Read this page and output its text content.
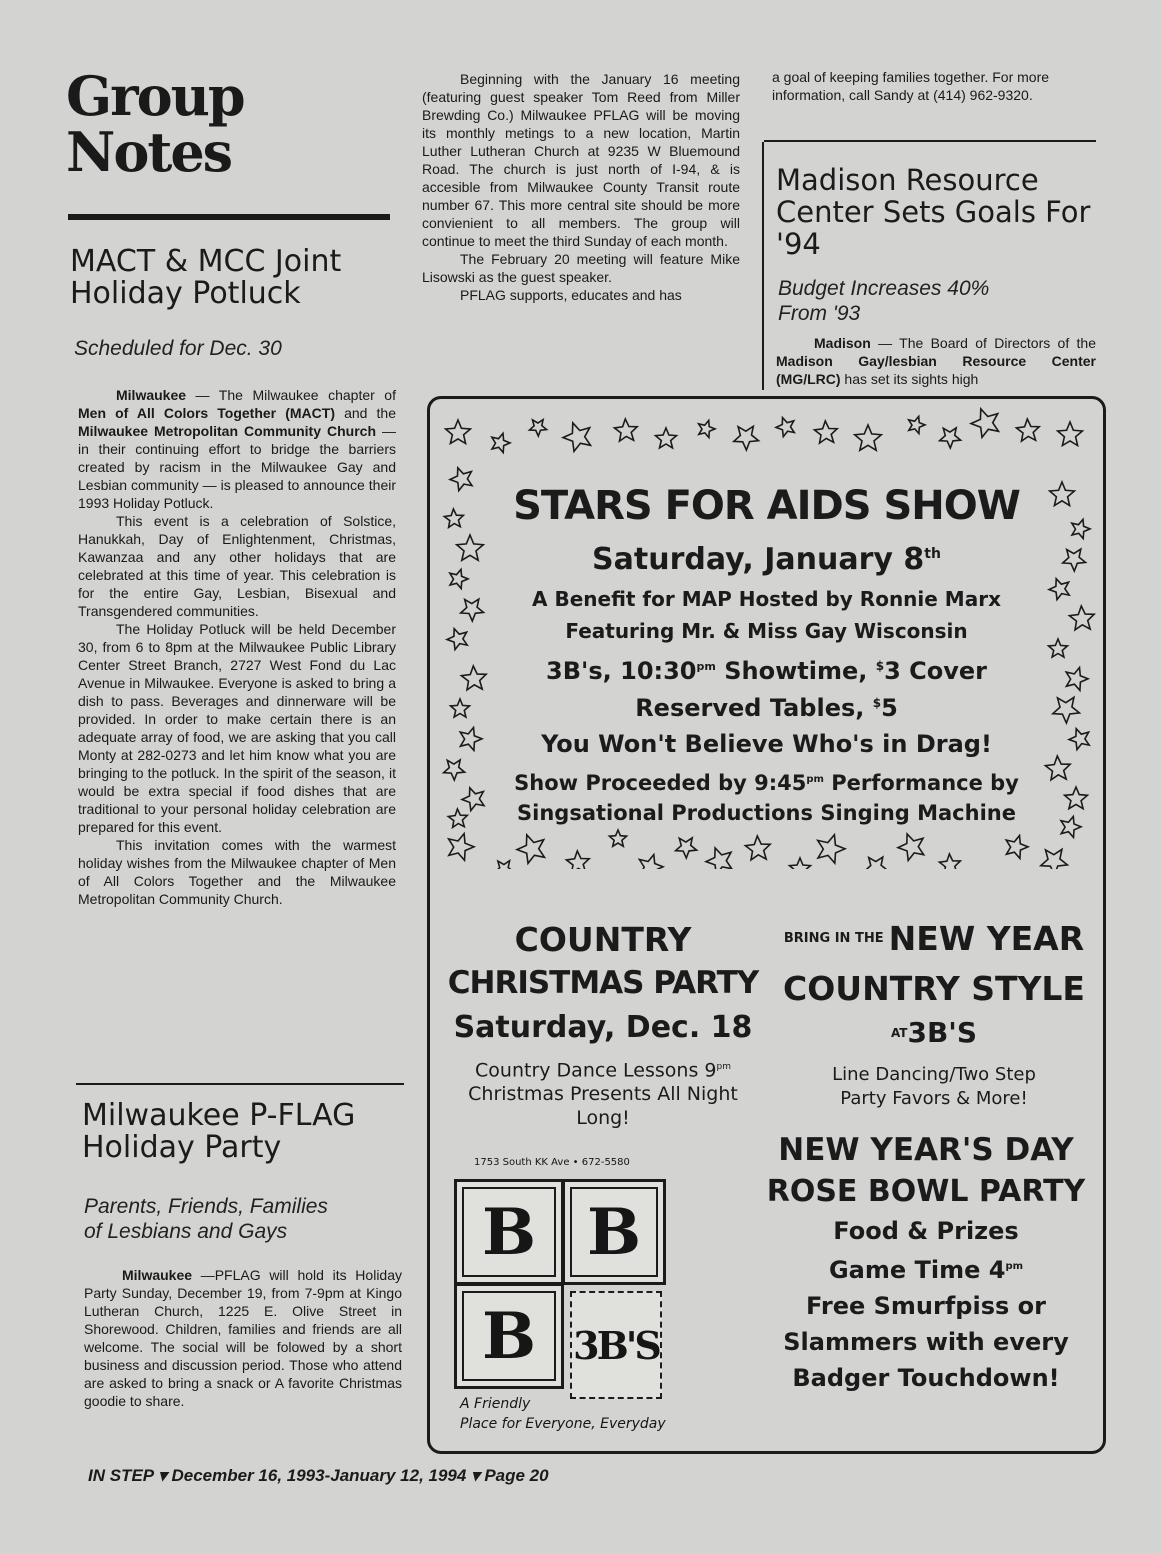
Group
Notes
MACT & MCC Joint
Holiday Potluck
Scheduled for Dec. 30

Milwaukee — The Milwaukee chapter of Men of All Colors Together (MACT) and the Milwaukee Metropolitan Community Church — in their continuing effort to bridge the barriers created by racism in the Milwaukee Gay and Lesbian community — is pleased to announce their 1993 Holiday Potluck.

This event is a celebration of Solstice, Hanukkah, Day of Enlightenment, Christmas, Kawanzaa and any other holidays that are celebrated at this time of year. This celebration is for the entire Gay, Lesbian, Bisexual and Transgendered communities.

The Holiday Potluck will be held December 30, from 6 to 8pm at the Milwaukee Public Library Center Street Branch, 2727 West Fond du Lac Avenue in Milwaukee. Everyone is asked to bring a dish to pass. Beverages and dinnerware will be provided. In order to make certain there is an adequate array of food, we are asking that you call Monty at 282-0273 and let him know what you are bringing to the potluck. In the spirit of the season, it would be extra special if food dishes that are traditional to your personal holiday celebration are prepared for this event.

This invitation comes with the warmest holiday wishes from the Milwaukee chapter of Men of All Colors Together and the Milwaukee Metropolitan Community Church.

Milwaukee P-FLAG
Holiday Party
Parents, Friends, Families
of Lesbians and Gays

Milwaukee —PFLAG will hold its Holiday Party Sunday, December 19, from 7-9pm at Kingo Lutheran Church, 1225 E. Olive Street in Shorewood. Children, families and friends are all welcome. The social will be folowed by a short business and discussion period. Those who attend are asked to bring a snack or A favorite Christmas goodie to share.

Beginning with the January 16 meeting (featuring guest speaker Tom Reed from Miller Brewding Co.) Milwaukee PFLAG will be moving its monthly metings to a new location, Martin Luther Lutheran Church at 9235 W Bluemound Road. The church is just north of I-94, & is accesible from Milwaukee County Transit route number 67. This more central site should be more convienient to all members. The group will continue to meet the third Sunday of each month.

The February 20 meeting will feature Mike Lisowski as the guest speaker.

PFLAG supports, educates and has

a goal of keeping families together. For more information, call Sandy at (414) 962-9320.
Madison Resource
Center Sets Goals For
'94
Budget Increases 40%
From '93

Madison — The Board of Directors of the Madison Gay/lesbian Resource Center (MG/LRC) has set its sights high

STARS FOR AIDS SHOW
Saturday, January 8th
A Benefit for MAP Hosted by Ronnie Marx
Featuring Mr. & Miss Gay Wisconsin
3B's, $10:30^{pm}$ Showtime, $3 Cover
Reserved Tables, $5
You Won't Believe Who's in Drag!
Show Proceeded by $9:45^{pm}$ Performance by
Singsational Productions Singing Machine
COUNTRY
CHRISTMAS PARTY
Saturday, Dec. 18
Country Dance Lessons $9^{pm}$
Christmas Presents All Night
Long!
1753 South KK Ave • 672-5580
B B
B 3B'S
A Friendly
Place for Everyone, Everyday
$^{BRING IN THE}$ NEW YEAR
COUNTRY STYLE
$^{AT}$3B'S
Line Dancing/Two Step
Party Favors & More!
NEW YEAR'S DAY
ROSE BOWL PARTY
Food & Prizes
Game Time $4^{pm}$
Free Smurfpiss or
Slammers with every
Badger Touchdown!
IN STEP ▾ December 16, 1993-January 12, 1994 ▾ Page 20
